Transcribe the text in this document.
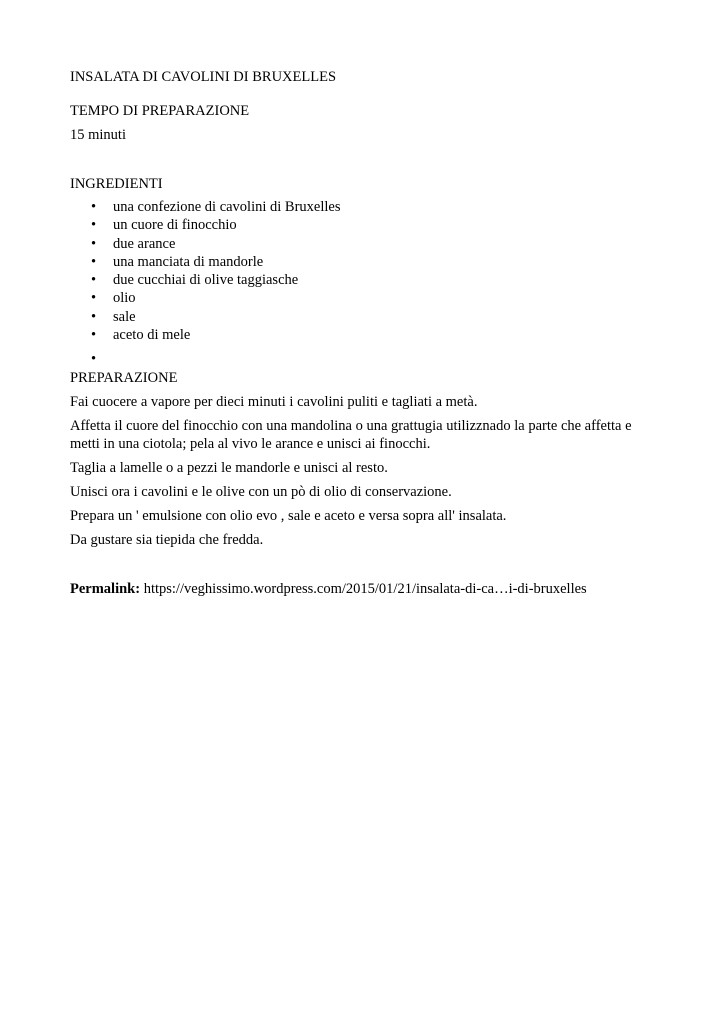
INSALATA DI CAVOLINI DI BRUXELLES

TEMPO DI PREPARAZIONE

15 minuti

INGREDIENTI

• una confezione di cavolini di Bruxelles
• un cuore di finocchio
• due arance
• una manciata di mandorle
• due cucchiai di olive taggiasche
• olio
• sale
• aceto di mele
•

PREPARAZIONE

Fai cuocere a vapore per dieci minuti i cavolini puliti e tagliati a metà.

Affetta il cuore del finocchio con una mandolina o una grattugia utilizznado la parte che affetta e metti in una ciotola; pela al vivo le arance e unisci ai finocchi.

Taglia a lamelle o a pezzi le mandorle e unisci al resto.

Unisci ora i cavolini e le olive con un pò di olio di conservazione.

Prepara un ' emulsione con olio evo , sale e aceto e versa sopra all' insalata.

Da gustare sia tiepida che fredda.

Permalink: https://veghissimo.wordpress.com/2015/01/21/insalata-di-ca…i-di-bruxelles
